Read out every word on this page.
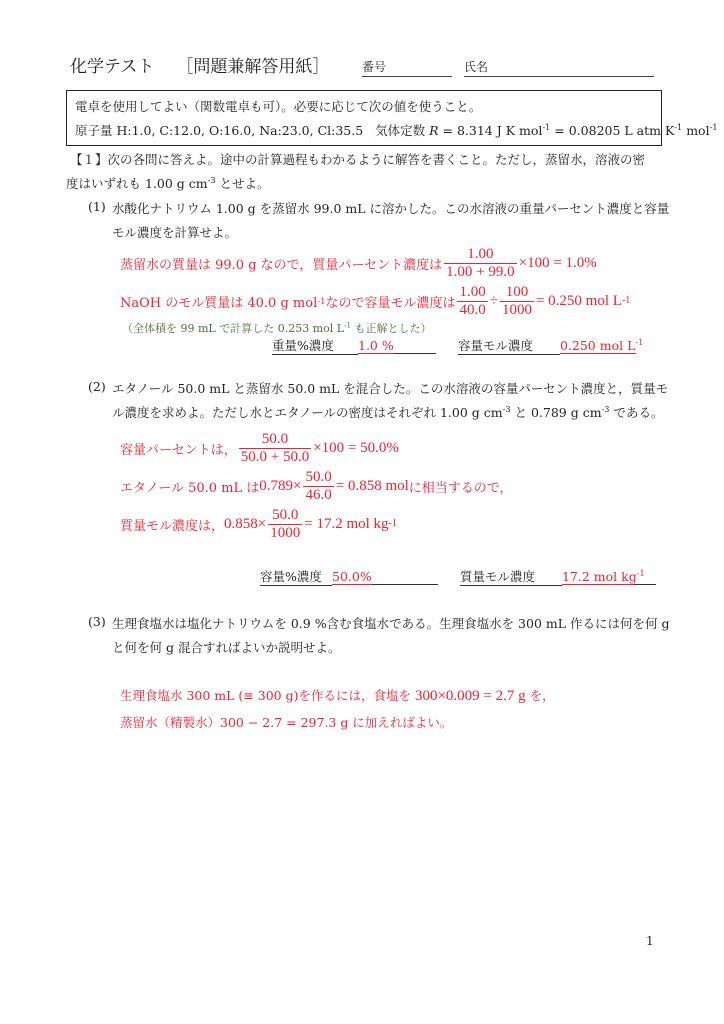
化学テスト ［問題兼解答用紙］	番号	氏名
電卓を使用してよい（関数電卓も可）。必要に応じて次の値を使うこと。
原子量 H:1.0, C:12.0, O:16.0, Na:23.0, Cl:35.5 気体定数 R = 8.314 J K mol$^{-1}$ = 0.08205 L atm $K^{-1}$ mol$^{-1}$
【１】次の各問に答えよ。途中の計算過程もわかるように解答を書くこと。ただし，蒸留水，溶液の密
度はいずれも 1.00 g $cm^{-3}$ とせよ。
(1) 水酸化ナトリウム 1.00 g を蒸留水 99.0 mL に溶かした。この水溶液の重量パーセント濃度と容量
モル濃度を計算せよ。
蒸留水の質量は 99.0 g なので，質量パーセント濃度は $\frac{1.00}{1.00 + 99.0} \times 100 = 1.0\%$
NaOH のモル質量は 40.0 g mol -1 なので容量モル濃度は $\frac{1.00}{40.0} \div \frac{100}{1000} = 0.250$ mol L -1
（全体積を 99 mL で計算した 0.253 mol $L^{-1}$ も正解とした）
重量%濃度 1.0 %	容量モル濃度 0.250 mol $L^{-1}$
(2) エタノール 50.0 mL と蒸留水 50.0 mL を混合した。この水溶液の容量パーセント濃度と，質量モ
ル濃度を求めよ。ただし水とエタノールの密度はそれぞれ 1.00 g $cm^{-3}$ と 0.789 g $cm^{-3}$ である。
容量パーセントは， $\frac{50.0}{50.0 + 50.0} \times 100 = 50.0\%$
エタノール 50.0 mL は $0.789\times \frac{50.0}{46.0} = 0.858$ mol に相当するので，
質量モル濃度は， $0.858\times \frac{50.0}{1000} = 17.2$ mol kg -1
容量%濃度 50.0%	質量モル濃度 17.2 mol $kg^{-1}$
(3) 生理食塩水は塩化ナトリウムを 0.9 %含む食塩水である。生理食塩水を 300 mL 作るには何を何 g
と何を何 g 混合すればよいか説明せよ。
生理食塩水 300 mL (≡ 300 g)を作るには，食塩を 300×0.009 = 2.7 g を，
蒸留水（精製水）300 − 2.7 = 297.3 g に加えればよい。
1
